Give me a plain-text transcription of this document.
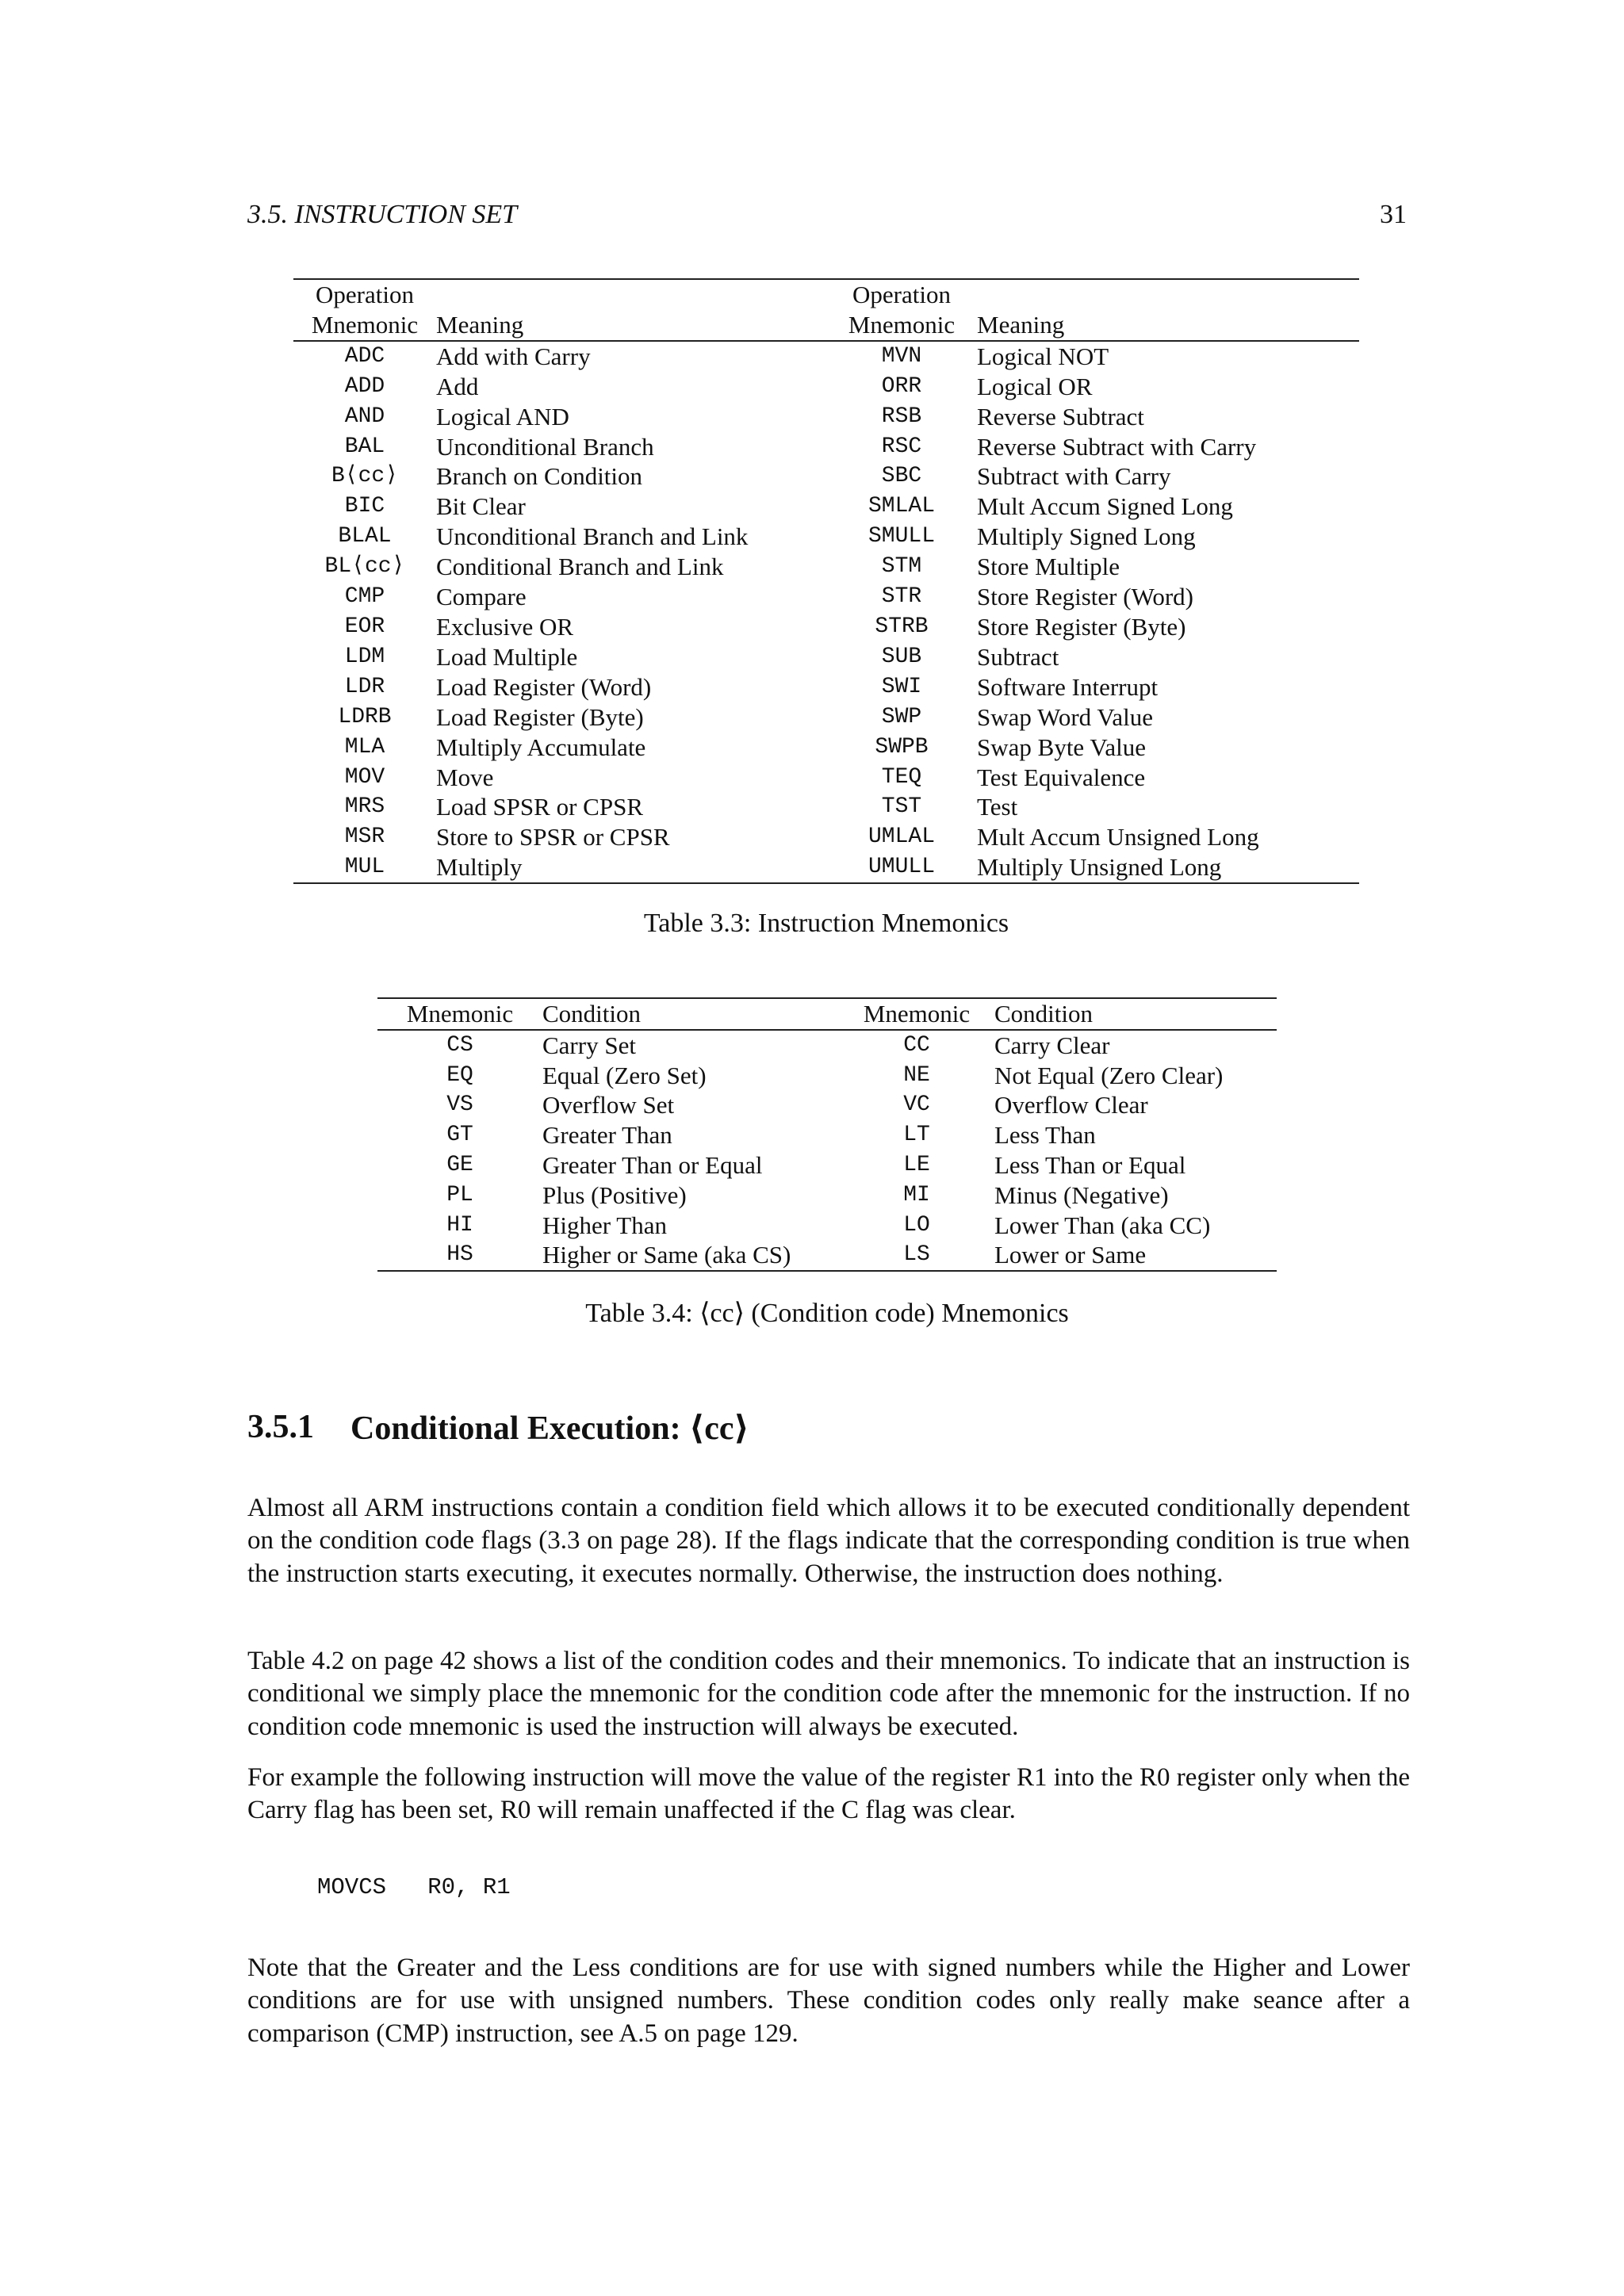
3.5. INSTRUCTION SET	31
Operation		Operation	
Mnemonic	Meaning	Mnemonic	Meaning
ADC	Add with Carry	MVN	Logical NOT
ADD	Add	ORR	Logical OR
AND	Logical AND	RSB	Reverse Subtract
BAL	Unconditional Branch	RSC	Reverse Subtract with Carry
B⟨cc⟩	Branch on Condition	SBC	Subtract with Carry
BIC	Bit Clear	SMLAL	Mult Accum Signed Long
BLAL	Unconditional Branch and Link	SMULL	Multiply Signed Long
BL⟨cc⟩	Conditional Branch and Link	STM	Store Multiple
CMP	Compare	STR	Store Register (Word)
EOR	Exclusive OR	STRB	Store Register (Byte)
LDM	Load Multiple	SUB	Subtract
LDR	Load Register (Word)	SWI	Software Interrupt
LDRB	Load Register (Byte)	SWP	Swap Word Value
MLA	Multiply Accumulate	SWPB	Swap Byte Value
MOV	Move	TEQ	Test Equivalence
MRS	Load SPSR or CPSR	TST	Test
MSR	Store to SPSR or CPSR	UMLAL	Mult Accum Unsigned Long
MUL	Multiply	UMULL	Multiply Unsigned Long
Table 3.3: Instruction Mnemonics
Mnemonic	Condition	Mnemonic	Condition
CS	Carry Set	CC	Carry Clear
EQ	Equal (Zero Set)	NE	Not Equal (Zero Clear)
VS	Overflow Set	VC	Overflow Clear
GT	Greater Than	LT	Less Than
GE	Greater Than or Equal	LE	Less Than or Equal
PL	Plus (Positive)	MI	Minus (Negative)
HI	Higher Than	LO	Lower Than (aka CC)
HS	Higher or Same (aka CS)	LS	Lower or Same
Table 3.4: ⟨cc⟩ (Condition code) Mnemonics
3.5.1 Conditional Execution: ⟨cc⟩

Almost all ARM instructions contain a condition field which allows it to be executed conditionally dependent on the condition code flags (3.3 on page 28). If the flags indicate that the corresponding condition is true when the instruction starts executing, it executes normally. Otherwise, the instruction does nothing.

Table 4.2 on page 42 shows a list of the condition codes and their mnemonics. To indicate that an instruction is conditional we simply place the mnemonic for the condition code after the mnemonic for the instruction. If no condition code mnemonic is used the instruction will always be executed.

For example the following instruction will move the value of the register R1 into the R0 register only when the Carry flag has been set, R0 will remain unaffected if the C flag was clear.

MOVCS   R0, R1

Note that the Greater and the Less conditions are for use with signed numbers while the Higher and Lower conditions are for use with unsigned numbers. These condition codes only really make seance after a comparison (CMP) instruction, see A.5 on page 129.
